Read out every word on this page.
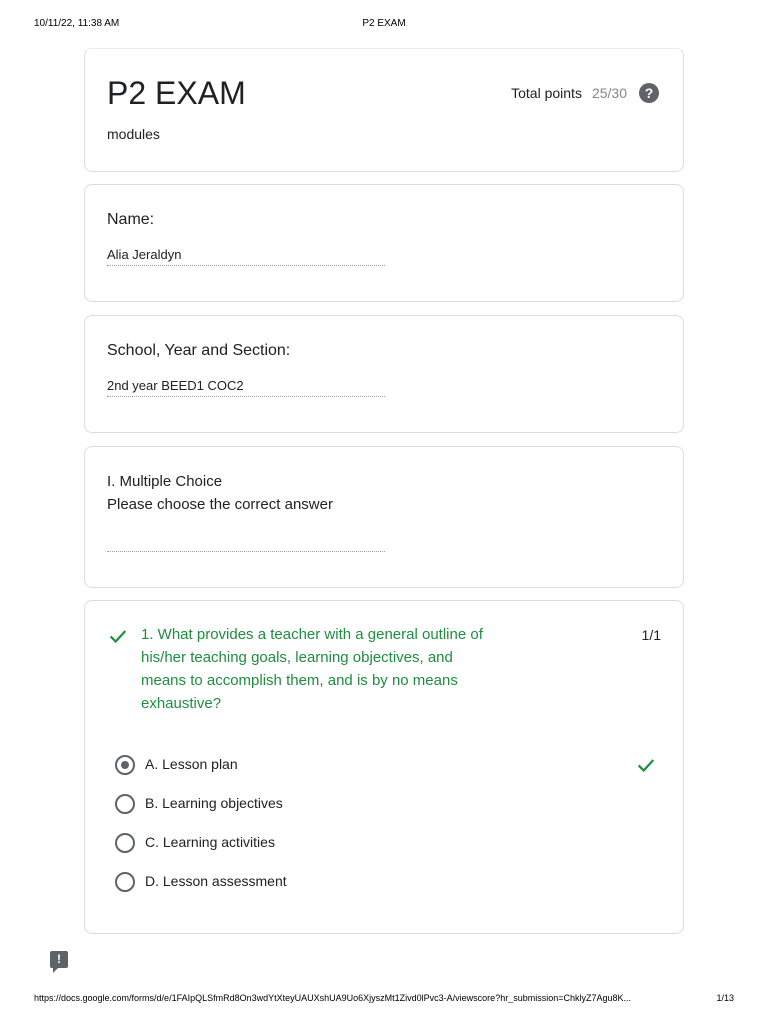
10/11/22, 11:38 AM	P2 EXAM
P2 EXAM
modules
Total points 25/30	?
Name:
Alia Jeraldyn
School, Year and Section:
2nd year BEED1 COC2
I. Multiple Choice
Please choose the correct answer
1. What provides a teacher with a general outline of his/her teaching goals, learning objectives, and means to accomplish them, and is by no means exhaustive?
1/1
A. Lesson plan
B. Learning objectives
C. Learning activities
D. Lesson assessment
!
https://docs.google.com/forms/d/e/1FAIpQLSfmRd8On3wdYtXteyUAUXshUA9Uo6XjyszMt1Zivd0lPvc3-A/viewscore?hr_submission=ChklyZ7Agu8K...	1/13
